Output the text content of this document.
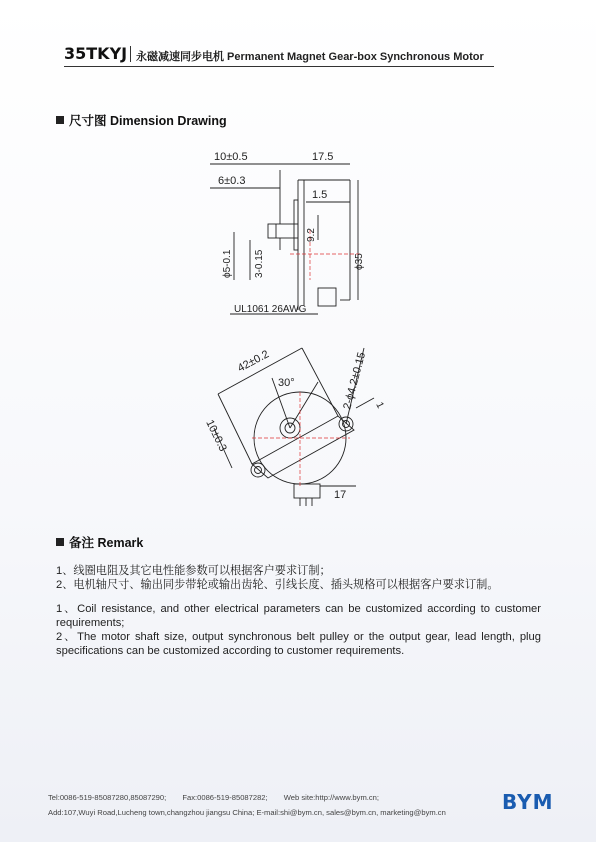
35TKYJ 永磁减速同步电机 Permanent Magnet Gear-box Synchronous Motor
尺寸图 Dimension Drawing
10±0.5	17.5
6±0.3
1.5
9.2
ϕ5-0.1 3-0.15	ϕ35
UL1061 26AWG
42±0.2
30°	2-ϕ4.2±0.15
10±0.3
1
17
备注 Remark

1、线圈电阻及其它电性能参数可以根据客户要求订制；

2、电机轴尺寸、输出同步带轮或输出齿轮、引线长度、插头规格可以根据客户要求订制。

1、Coil resistance, and other electrical parameters can be customized according to customer requirements;

2、The motor shaft size, output synchronous belt pulley or the output gear, lead length, plug specifications can be customized according to customer requirements.

Tel:0086-519-85087280,85087290; Fax:0086-519-85087282; Web site:http://www.bym.cn;
Add:107,Wuyi Road,Lucheng town,changzhou jiangsu China; E-mail:shi@bym.cn, sales@bym.cn, marketing@bym.cn	BYM
